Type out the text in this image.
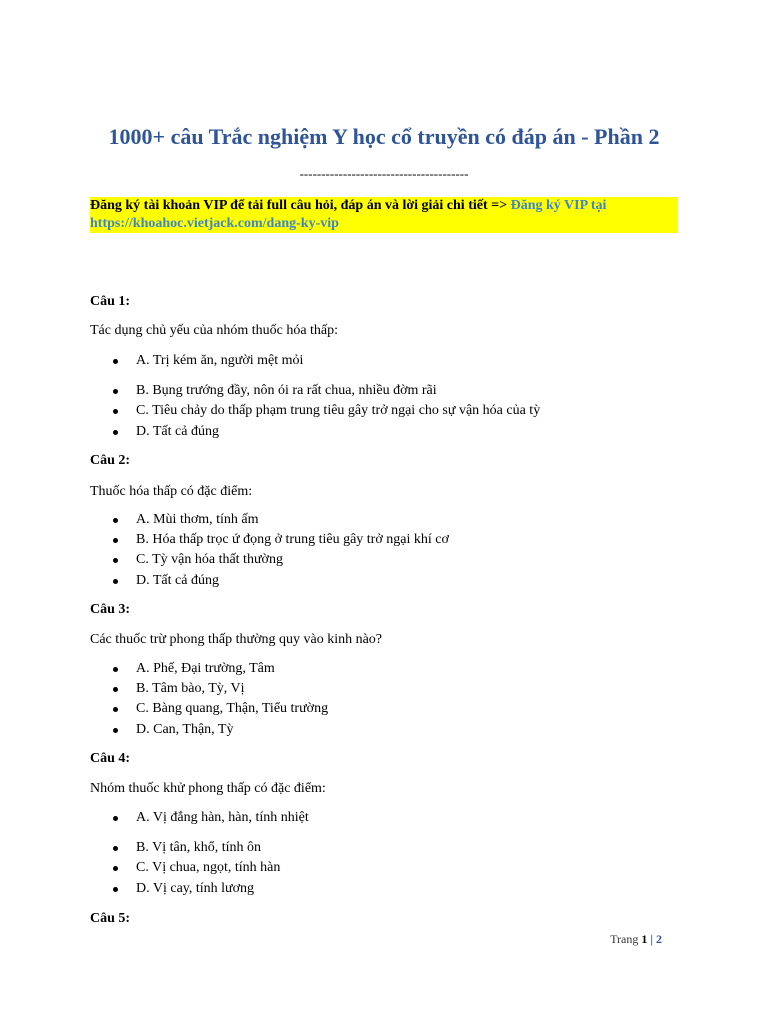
1000+ câu Trắc nghiệm Y học cổ truyền có đáp án - Phần 2
---------------------------------------
Đăng ký tài khoản VIP để tải full câu hỏi, đáp án và lời giải chi tiết => Đăng ký VIP tại
https://khoahoc.vietjack.com/dang-ky-vip
Câu 1:
Tác dụng chủ yếu của nhóm thuốc hóa thấp:
A. Trị kém ăn, người mệt mỏi
B. Bụng trướng đầy, nôn ói ra rất chua, nhiều đờm rãi
C. Tiêu chảy do thấp phạm trung tiêu gây trở ngại cho sự vận hóa của tỳ
D. Tất cả đúng
Câu 2:
Thuốc hóa thấp có đặc điểm:
A. Mùi thơm, tính ấm
B. Hóa thấp trọc ứ đọng ở trung tiêu gây trở ngại khí cơ
C. Tỳ vận hóa thất thường
D. Tất cả đúng
Câu 3:
Các thuốc trừ phong thấp thường quy vào kinh nào?
A. Phế, Đại trường, Tâm
B. Tâm bào, Tỳ, Vị
C. Bàng quang, Thận, Tiểu trường
D. Can, Thận, Tỳ
Câu 4:
Nhóm thuốc khử phong thấp có đặc điểm:
A. Vị đắng hàn, hàn, tính nhiệt
B. Vị tân, khổ, tính ôn
C. Vị chua, ngọt, tính hàn
D. Vị cay, tính lương
Câu 5:
Trang 1 | 2
